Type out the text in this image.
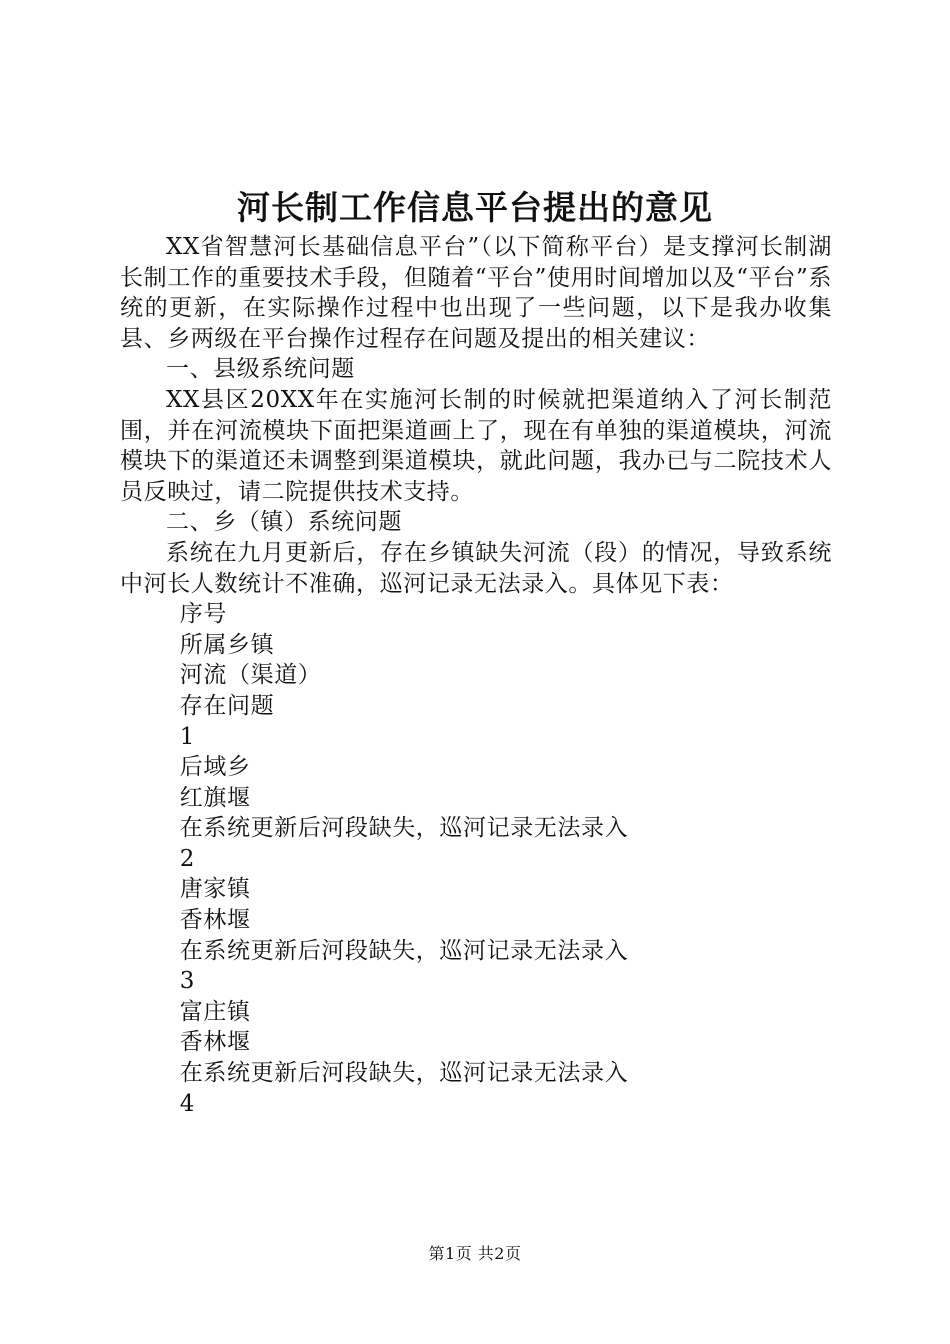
河长制工作信息平台提出的意见

XX省智慧河长基础信息平台”（以下简称平台）是支撑河长制湖长制工作的重要技术手段，但随着“平台”使用时间增加以及“平台”系统的更新，在实际操作过程中也出现了一些问题，以下是我办收集县、乡两级在平台操作过程存在问题及提出的相关建议：

一、县级系统问题

XX县区20XX年在实施河长制的时候就把渠道纳入了河长制范围，并在河流模块下面把渠道画上了，现在有单独的渠道模块，河流模块下的渠道还未调整到渠道模块，就此问题，我办已与二院技术人员反映过，请二院提供技术支持。

二、乡（镇）系统问题

系统在九月更新后，存在乡镇缺失河流（段）的情况，导致系统中河长人数统计不准确，巡河记录无法录入。具体见下表：

序号

所属乡镇

河流（渠道）

存在问题

1

后域乡

红旗堰

在系统更新后河段缺失，巡河记录无法录入

2

唐家镇

香林堰

在系统更新后河段缺失，巡河记录无法录入

3

富庄镇

香林堰

在系统更新后河段缺失，巡河记录无法录入

4

第1页 共2页
